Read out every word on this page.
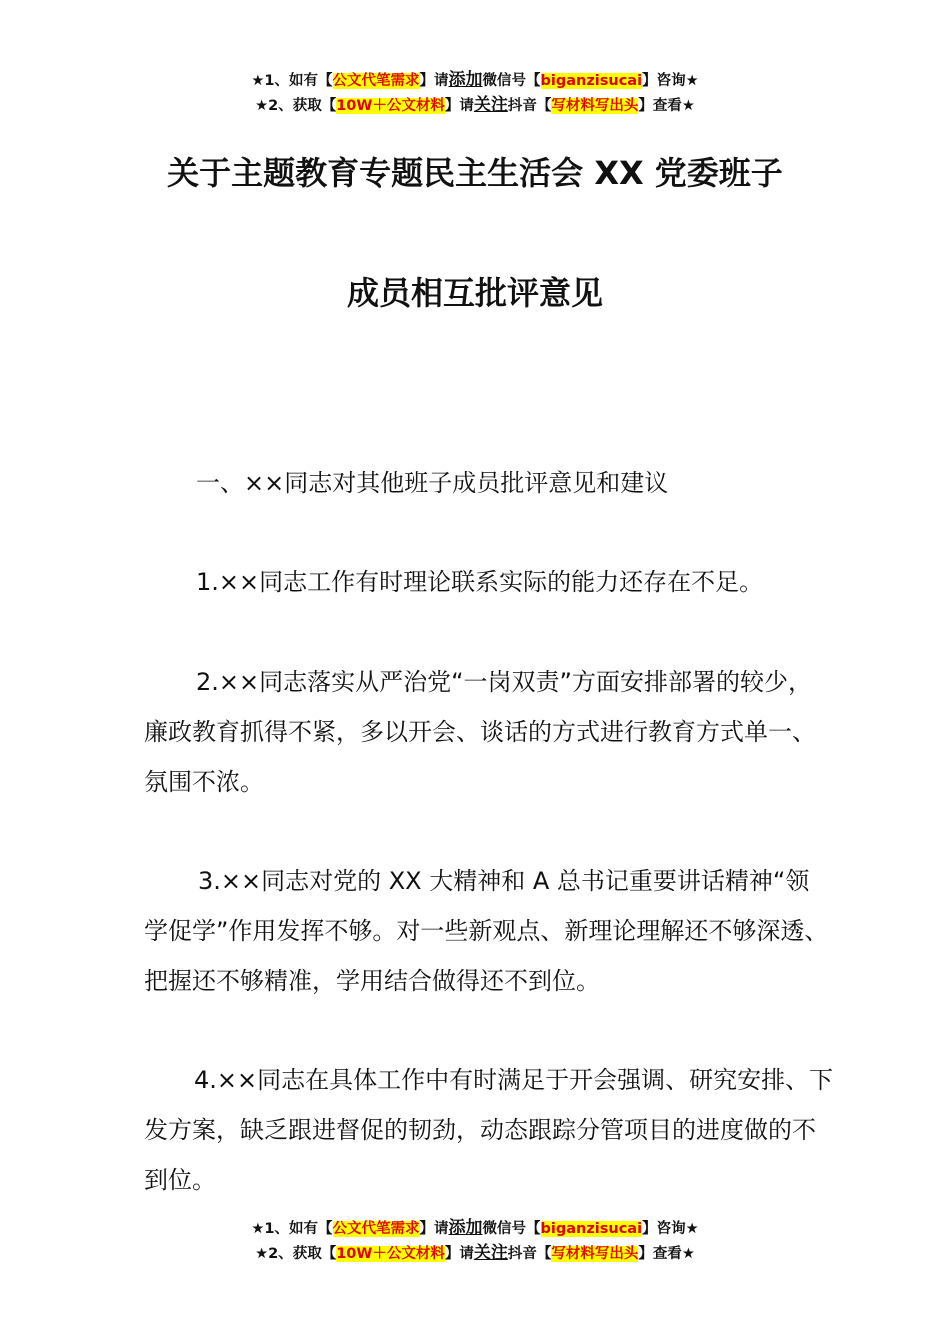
★1、如有【公文代笔需求】请添加微信号【biganzisucai】咨询★
★2、获取【10W＋公文材料】请关注抖音【写材料写出头】查看★
关于主题教育专题民主生活会 XX 党委班子
成员相互批评意见

一、××同志对其他班子成员批评意见和建议

1.××同志工作有时理论联系实际的能力还存在不足。

2.××同志落实从严治党“一岗双责”方面安排部署的较少，廉政教育抓得不紧，多以开会、谈话的方式进行教育方式单一、氛围不浓。

3.××同志对党的 XX 大精神和 A 总书记重要讲话精神“领学促学”作用发挥不够。对一些新观点、新理论理解还不够深透、把握还不够精准，学用结合做得还不到位。

4.××同志在具体工作中有时满足于开会强调、研究安排、下发方案，缺乏跟进督促的韧劲，动态跟踪分管项目的进度做的不到位。

★1、如有【公文代笔需求】请添加微信号【biganzisucai】咨询★
★2、获取【10W＋公文材料】请关注抖音【写材料写出头】查看★
